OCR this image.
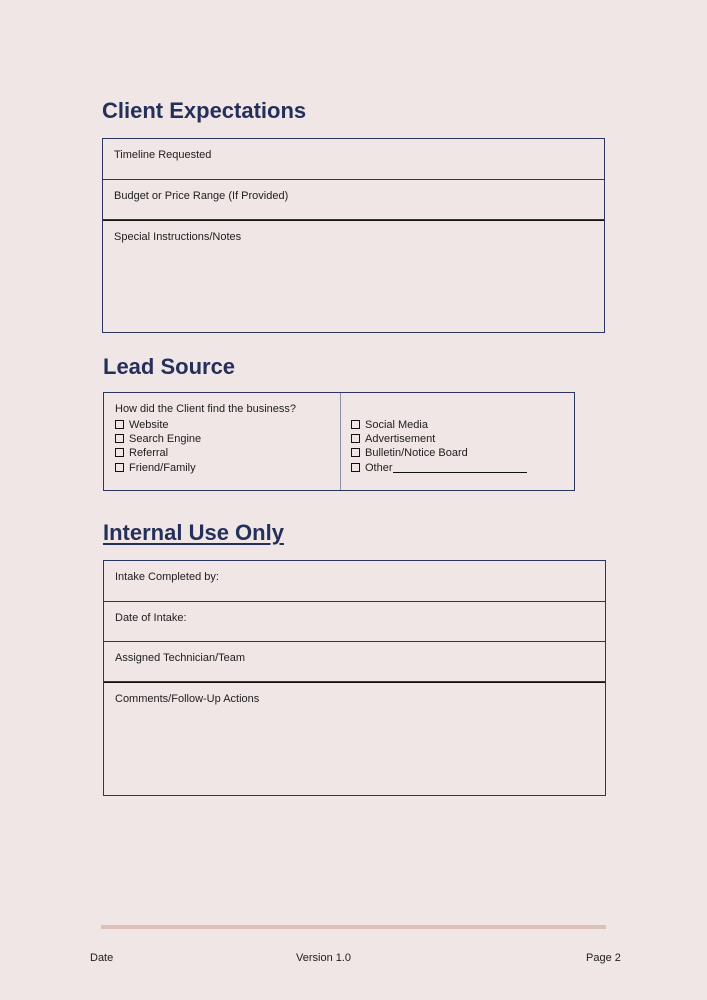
Client Expectations
Timeline Requested
Budget or Price Range (If Provided)
Special Instructions/Notes
Lead Source
How did the Client find the business?
Website
Search Engine
Referral
Friend/Family
Social Media
Advertisement
Bulletin/Notice Board
Other
Internal Use Only
Intake Completed by:
Date of Intake:
Assigned Technician/Team
Comments/Follow-Up Actions
Date	Version 1.0	Page 2
